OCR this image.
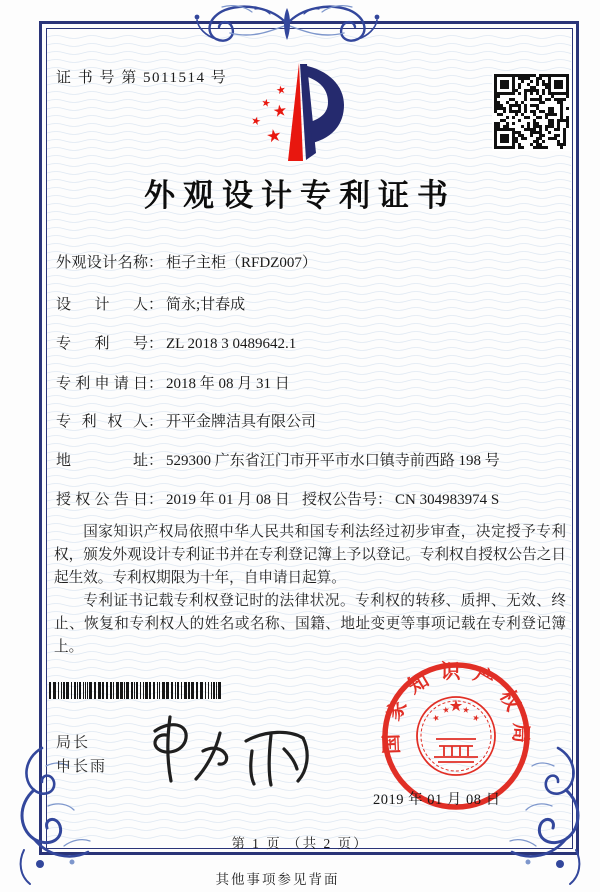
证 书 号 第 5011514 号
外观设计专利证书
外观设计名称： 柜子主柜（RFDZ007）
设计人： 简永;甘春成
专利号： ZL 2018 3 0489642.1
专利申请日： 2018 年 08 月 31 日
专利权人： 开平金牌洁具有限公司
地址： 529300 广东省江门市开平市水口镇寺前西路 198 号
授权公告日： 2019 年 01 月 08 日 授权公告号： CN 304983974 S

国家知识产权局依照中华人民共和国专利法经过初步审查，决定授予专利权，颁发外观设计专利证书并在专利登记簿上予以登记。专利权自授权公告之日起生效。专利权期限为十年，自申请日起算。

专利证书记载专利权登记时的法律状况。专利权的转移、质押、无效、终止、恢复和专利权人的姓名或名称、国籍、地址变更等事项记载在专利登记簿上。

局长
申长雨
国家知识产权局
2019 年 01 月 08 日
第 1 页 （共 2 页）
其他事项参见背面
